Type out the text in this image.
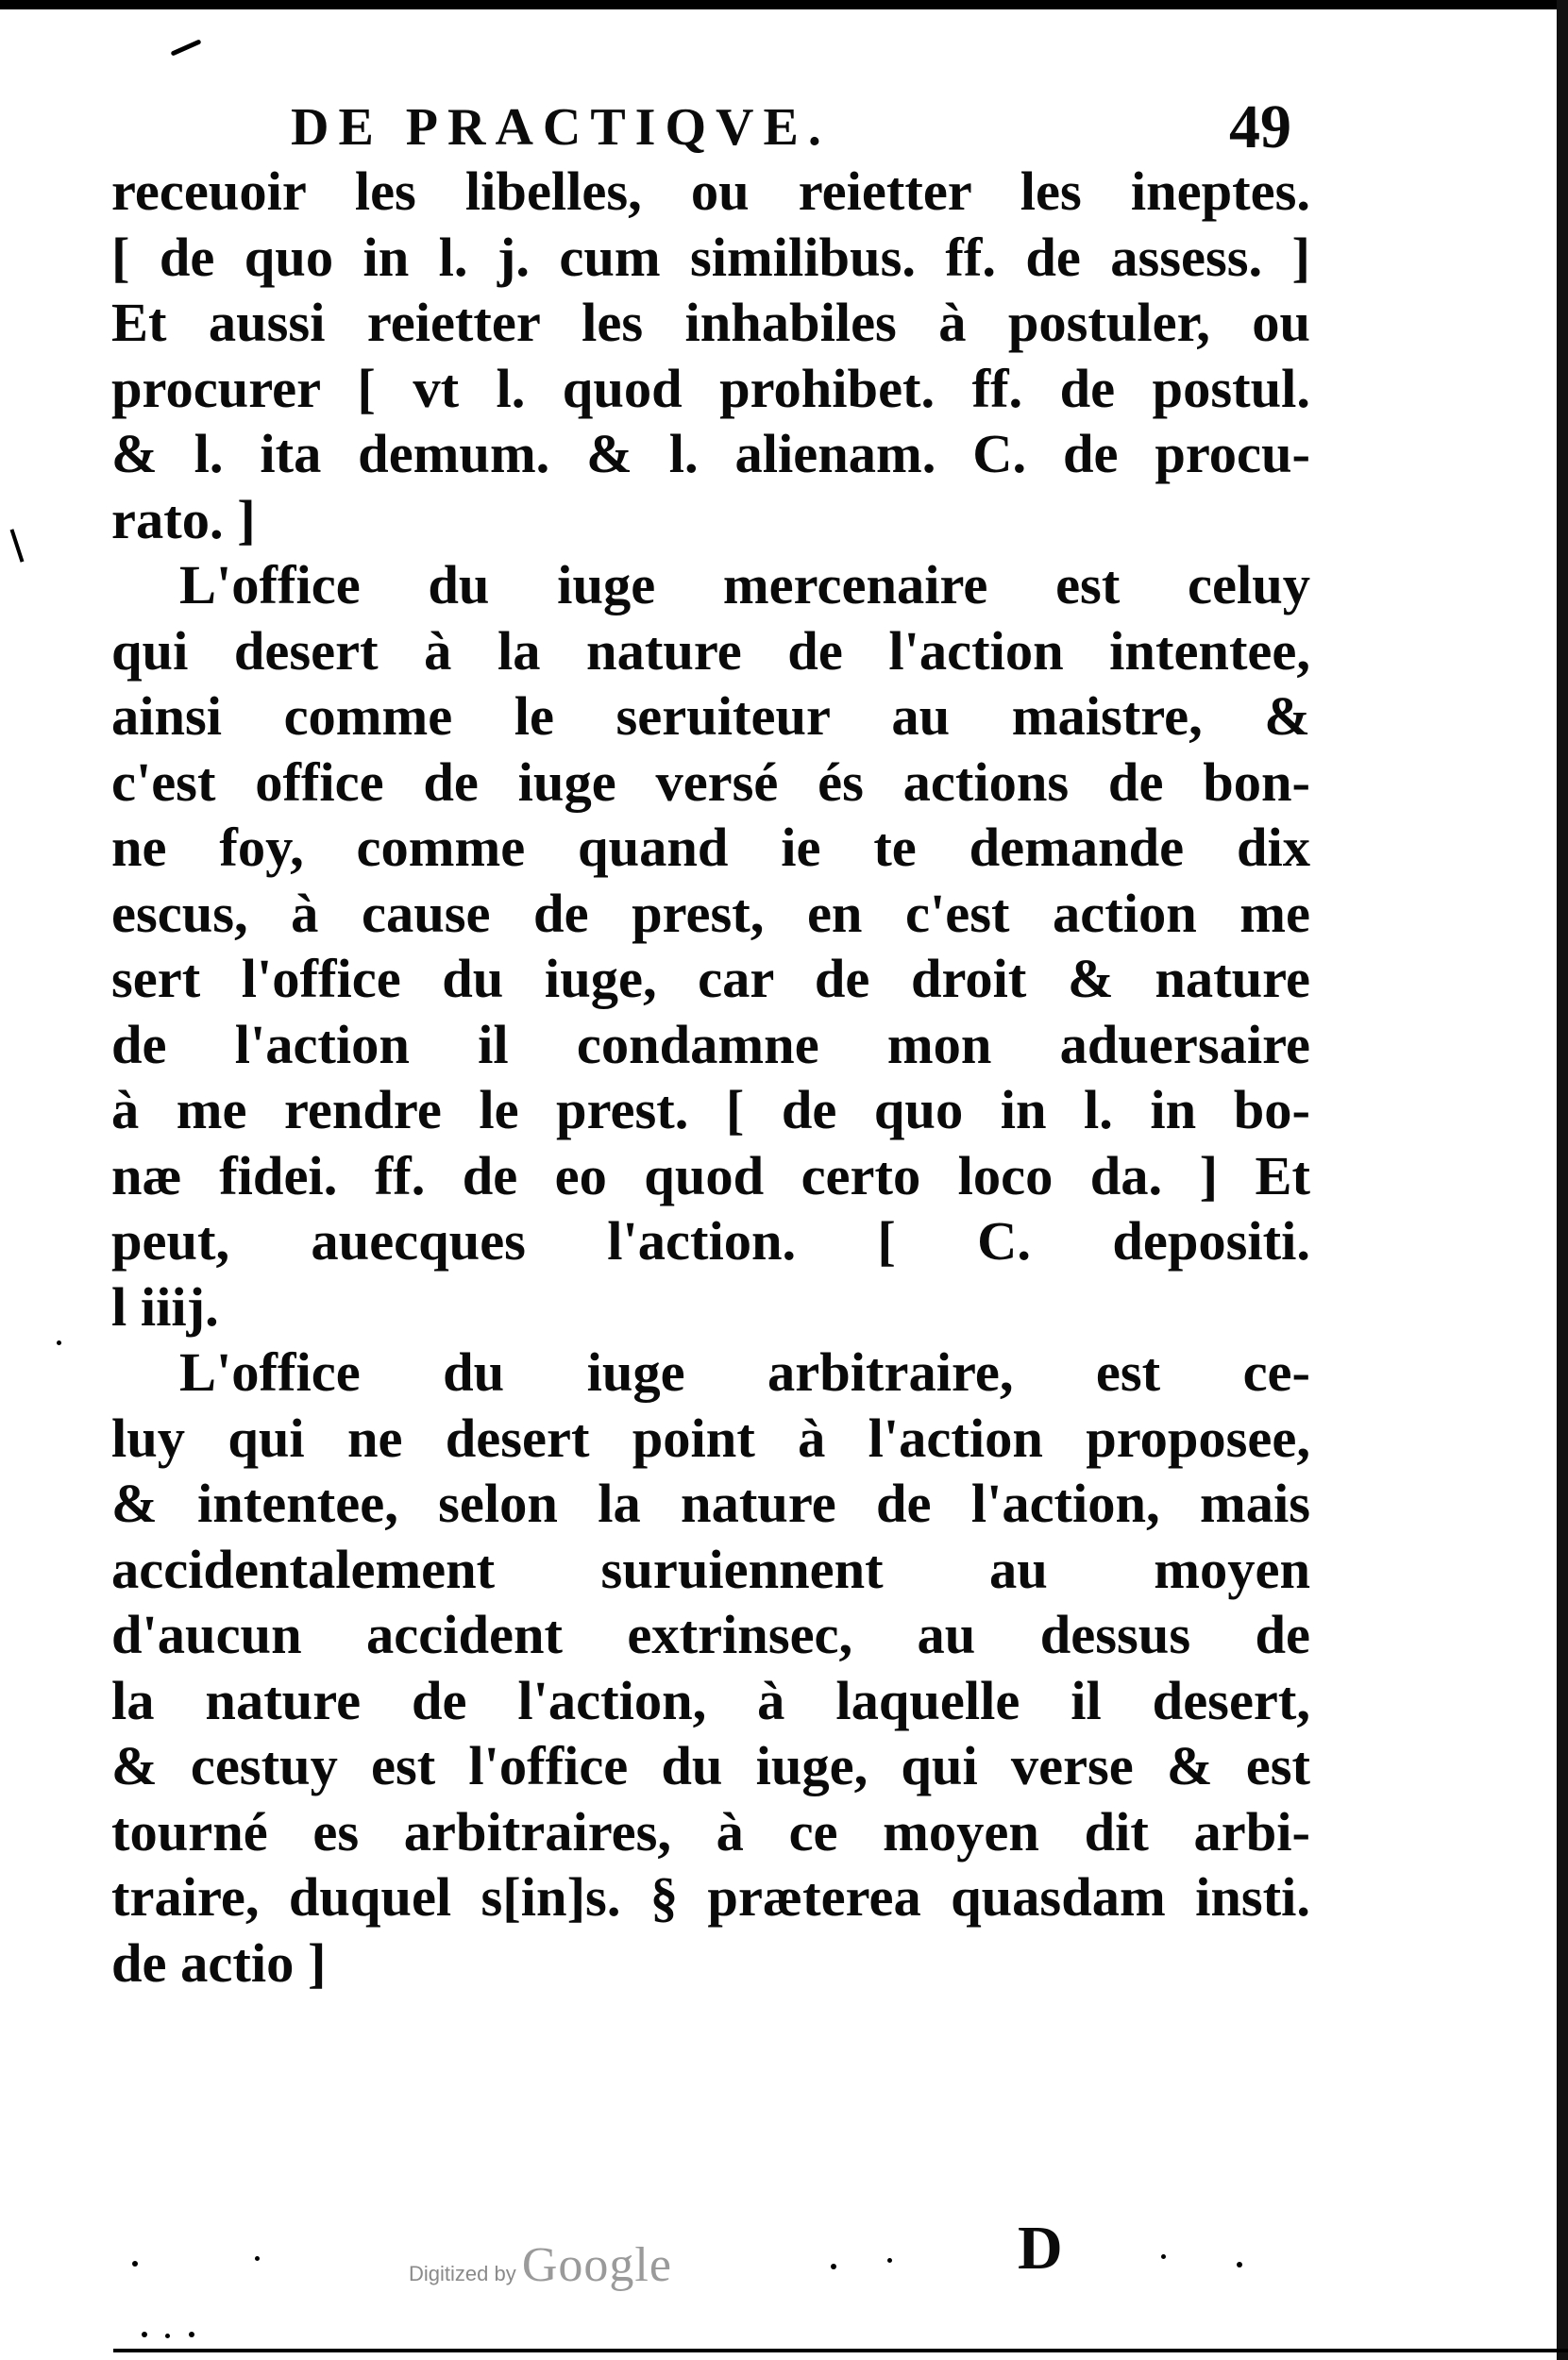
DE PRACTIQVE.	49
receuoir les libelles, ou reietter les ineptes.
[ de quo in l. j. cum similibus. ff. de assess. ]
Et aussi reietter les inhabiles à postuler, ou
procurer [ vt l. quod prohibet. ff. de postul.
& l. ita demum. & l. alienam. C. de procu-
rato. ]
L'office du iuge mercenaire est celuy
qui desert à la nature de l'action intentee,
ainsi comme le seruiteur au maistre, &
c'est office de iuge versé és actions de bon-
ne foy, comme quand ie te demande dix
escus, à cause de prest, en c'est action me
sert l'office du iuge, car de droit & nature
de l'action il condamne mon aduersaire
à me rendre le prest. [ de quo in l. in bo-
næ fidei. ff. de eo quod certo loco da. ] Et
peut, auecques l'action. [ C. depositi.
l iiij.
L'office du iuge arbitraire, est ce-
luy qui ne desert point à l'action proposee,
& intentee, selon la nature de l'action, mais
accidentalement suruiennent au moyen
d'aucun accident extrinsec, au dessus de
la nature de l'action, à laquelle il desert,
& cestuy est l'office du iuge, qui verse & est
tourné es arbitraires, à ce moyen dit arbi-
traire, duquel s[in]s. § præterea quasdam insti.
de actio ]
Digitized by Google	D
